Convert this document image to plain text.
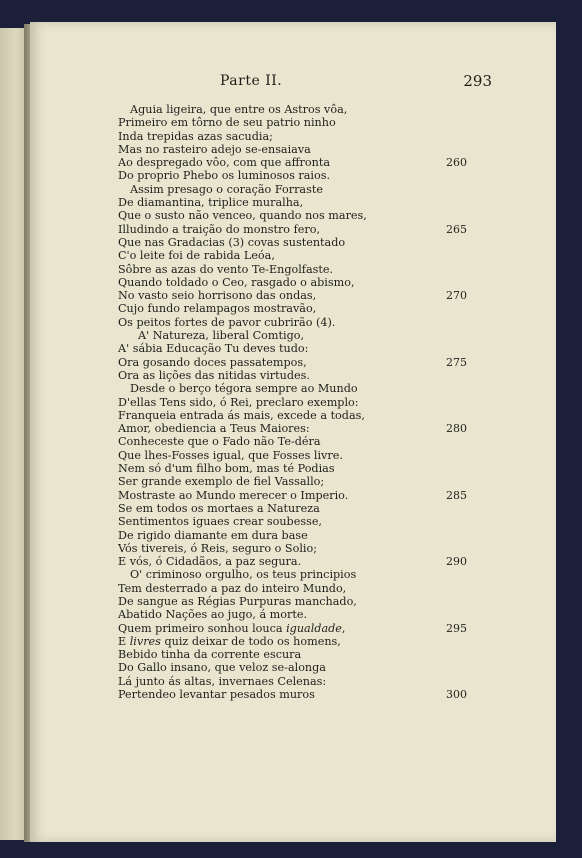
Parte II.	293
Aguia ligeira, que entre os Astros vôa,
Primeiro em tôrno de seu patrio ninho
Inda trepidas azas sacudia;
Mas no rasteiro adejo se-ensaiava
Ao despregado vôo, com que affronta	260
Do proprio Phebo os luminosos raios.
Assim presago o coração Forraste
De diamantina, triplice muralha,
Que o susto não venceo, quando nos mares,
Illudindo a traição do monstro fero,	265
Que nas Gradacias (3) covas sustentado
C'o leite foi de rabida Leóa,
Sôbre as azas do vento Te-Engolfaste.
Quando toldado o Ceo, rasgado o abismo,
No vasto seio horrisono das ondas,	270
Cujo fundo relampagos mostravão,
Os peitos fortes de pavor cubrirão (4).
A' Natureza, liberal Comtigo,
A' sábia Educação Tu deves tudo:
Ora gosando doces passatempos,	275
Ora as lições das nitidas virtudes.
Desde o berço tégora sempre ao Mundo
D'ellas Tens sido, ó Rei, preclaro exemplo:
Franqueia entrada ás mais, excede a todas,
Amor, obediencia a Teus Maiores:	280
Conheceste que o Fado não Te-déra
Que lhes-Fosses igual, que Fosses livre.
Nem só d'um filho bom, mas té Podias
Ser grande exemplo de fiel Vassallo;
Mostraste ao Mundo merecer o Imperio.	285
Se em todos os mortaes a Natureza
Sentimentos iguaes crear soubesse,
De rigido diamante em dura base
Vós tivereis, ó Reis, seguro o Solio;
E vós, ó Cidadãos, a paz segura.	290
O' criminoso orgulho, os teus principios
Tem desterrado a paz do inteiro Mundo,
De sangue as Régias Purpuras manchado,
Abatido Nações ao jugo, á morte.
Quem primeiro sonhou louca igualdade,	295
E livres quiz deixar de todo os homens,
Bebido tinha da corrente escura
Do Gallo insano, que veloz se-alonga
Lá junto ás altas, invernaes Celenas:
Pertendeo levantar pesados muros	300
